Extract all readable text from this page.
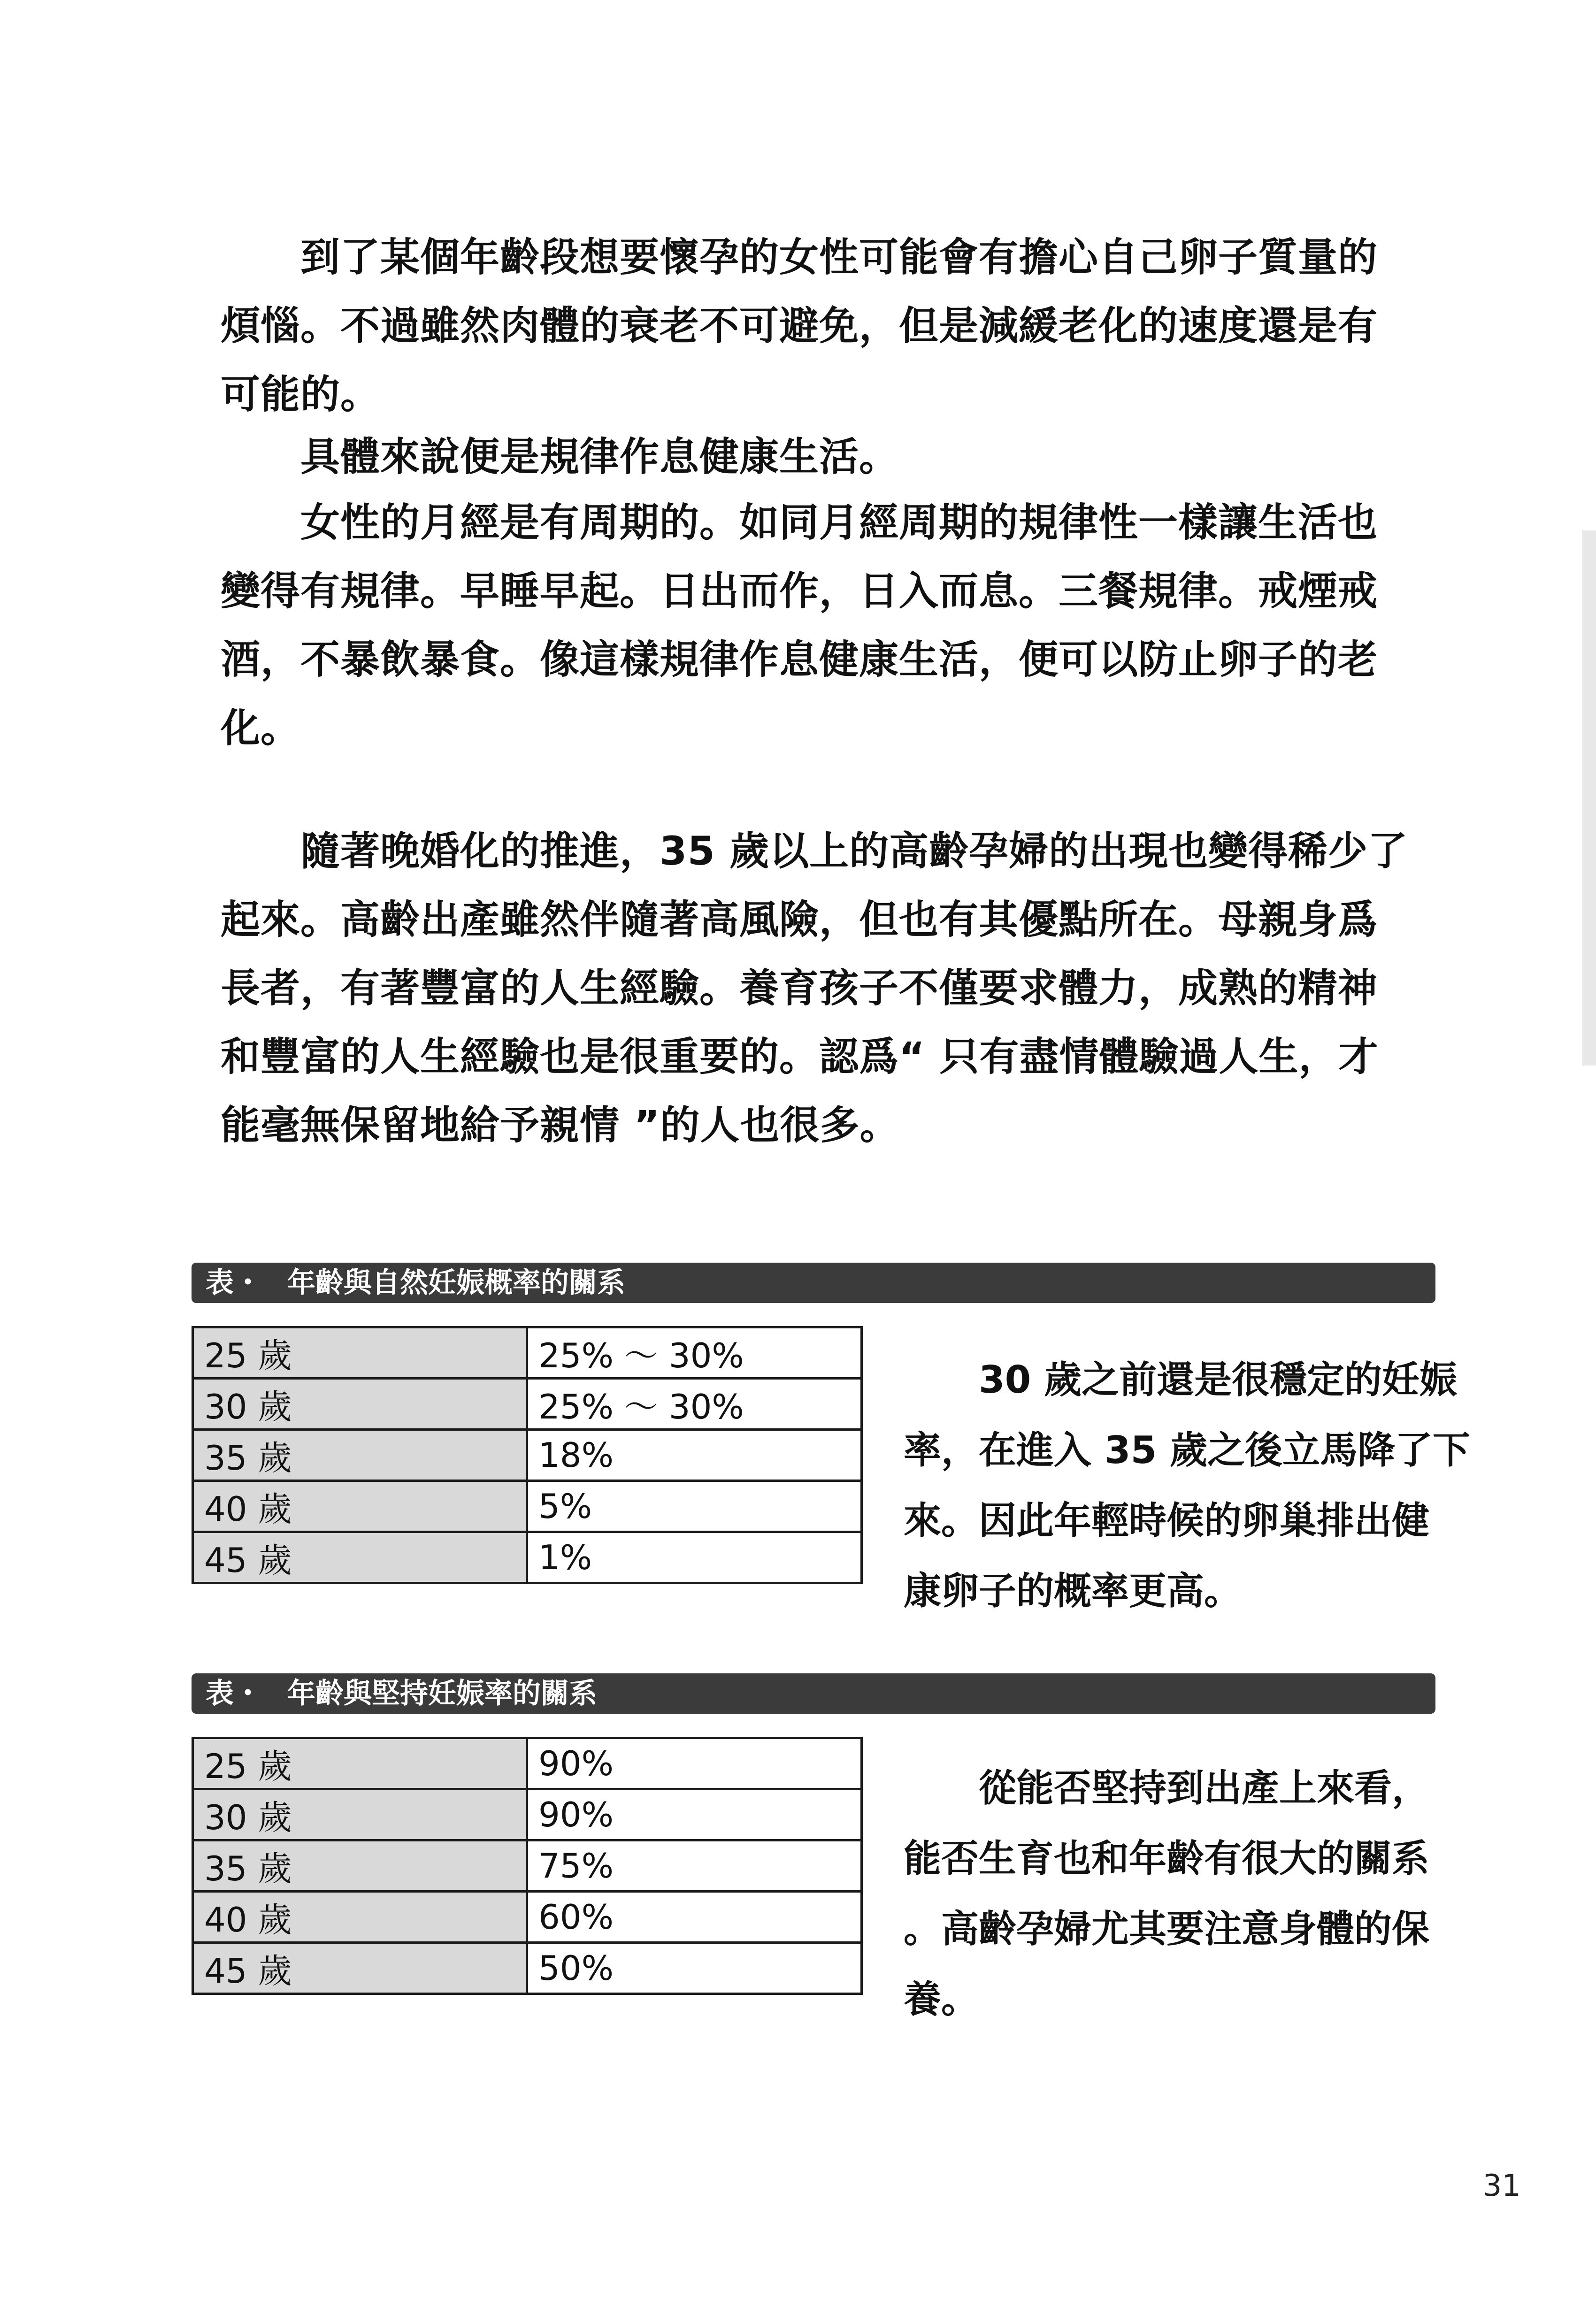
　　到了某個年齡段想要懷孕的女性可能會有擔心自己卵子質量的
煩惱。不過雖然肉體的衰老不可避免，但是減緩老化的速度還是有
可能的。

　　具體來說便是規律作息健康生活。

　　女性的月經是有周期的。如同月經周期的規律性一樣讓生活也
變得有規律。早睡早起。日出而作，日入而息。三餐規律。戒煙戒
酒，不暴飲暴食。像這樣規律作息健康生活，便可以防止卵子的老
化。

　　隨著晚婚化的推進，35 歲以上的高齡孕婦的出現也變得稀少了
起來。高齡出產雖然伴隨著高風險，但也有其優點所在。母親身爲
長者，有著豐富的人生經驗。養育孩子不僅要求體力，成熟的精神
和豐富的人生經驗也是很重要的。認爲“ 只有盡情體驗過人生，才
能毫無保留地給予親情 ”的人也很多。

表・ 年齡與自然妊娠概率的關系
25 歲	25% ～ 30%
30 歲	25% ～ 30%
35 歲	18%
40 歲	5%
45 歲	1%

　　30 歲之前還是很穩定的妊娠
率，在進入 35 歲之後立馬降了下
來。因此年輕時候的卵巢排出健
康卵子的概率更高。

表・ 年齡與堅持妊娠率的關系
25 歲	90%
30 歲	90%
35 歲	75%
40 歲	60%
45 歲	50%

　　從能否堅持到出產上來看，
能否生育也和年齡有很大的關系
。高齡孕婦尤其要注意身體的保
養。

31
